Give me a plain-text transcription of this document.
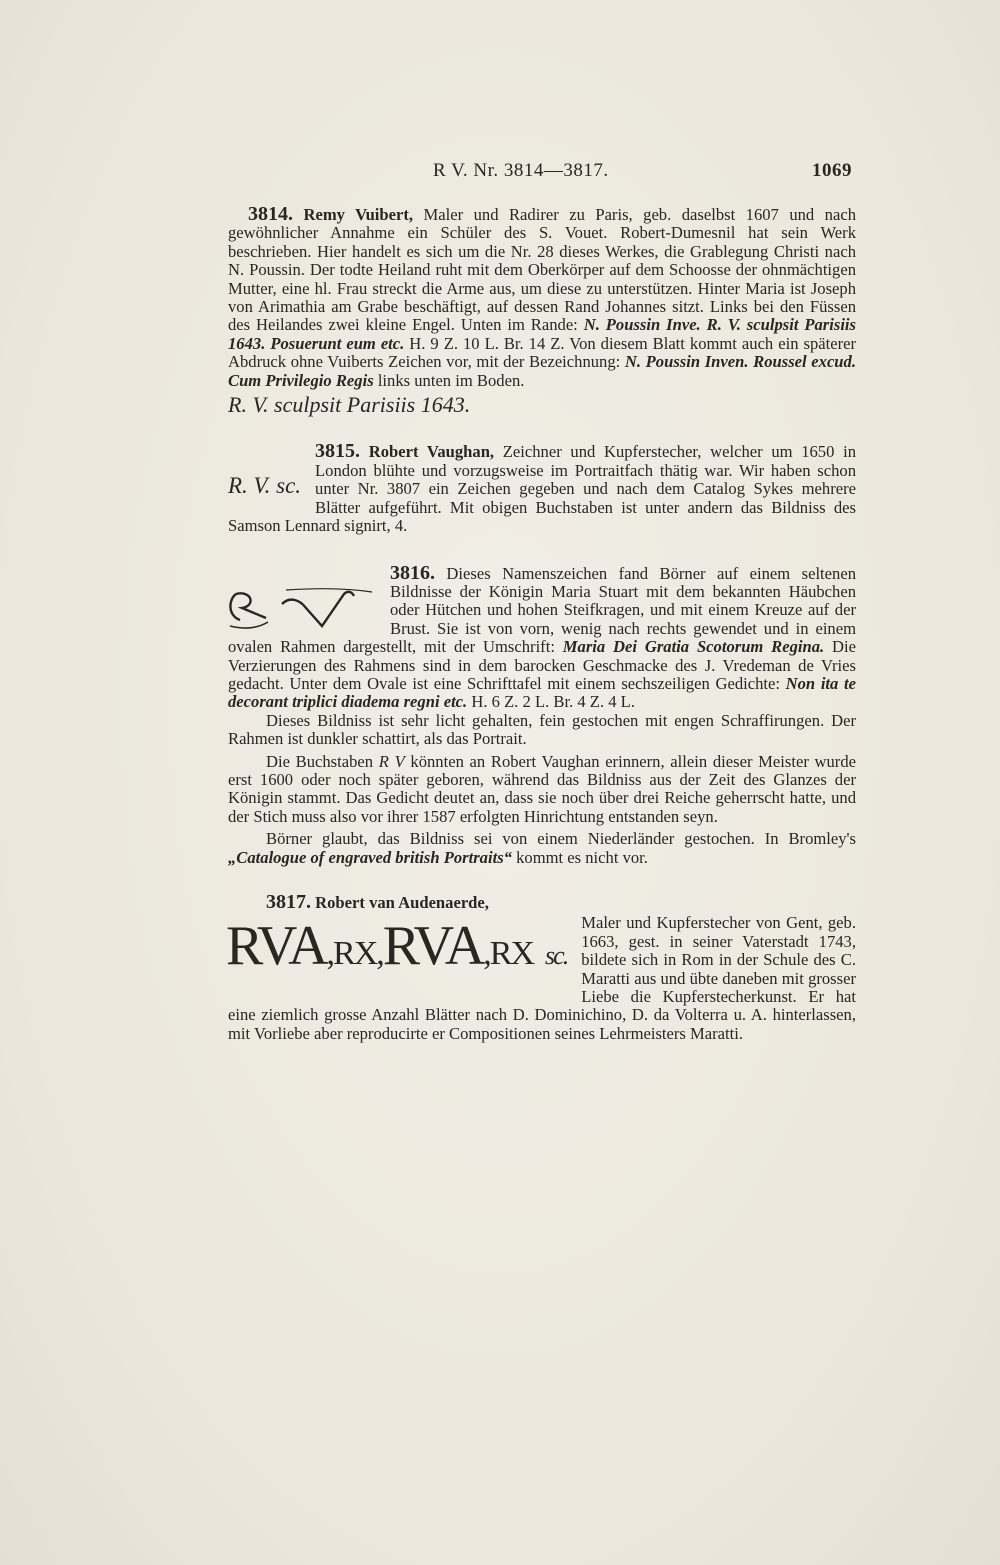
R V. Nr. 3814—3817.	1069

3814. Remy Vuibert, Maler und Radirer zu Paris, geb. daselbst 1607 und nach gewöhnlicher Annahme ein Schüler des S. Vouet. Robert-Dumesnil hat sein Werk beschrieben. Hier handelt es sich um die Nr. 28 dieses Werkes, die Grablegung Christi nach N. Poussin. Der todte Heiland ruht mit dem Oberkörper auf dem Schoosse der ohnmächtigen Mutter, eine hl. Frau streckt die Arme aus, um diese zu unterstützen. Hinter Maria ist Joseph von Arimathia am Grabe beschäftigt, auf dessen Rand Johannes sitzt. Links bei den Füssen des Heilandes zwei kleine Engel. Unten im Rande: N. Poussin Inve. R. V. sculpsit Parisiis 1643. Posuerunt eum etc. H. 9 Z. 10 L. Br. 14 Z. Von diesem Blatt kommt auch ein späterer Abdruck ohne Vuiberts Zeichen vor, mit der Bezeichnung: N. Poussin Inven. Roussel excud. Cum Privilegio Regis links unten im Boden.

R. V. sculpsit Parisiis 1643.

R. V. sc.

3815. Robert Vaughan, Zeichner und Kupferstecher, welcher um 1650 in London blühte und vorzugsweise im Portraitfach thätig war. Wir haben schon unter Nr. 3807 ein Zeichen gegeben und nach dem Catalog Sykes mehrere Blätter aufgeführt. Mit obigen Buchstaben ist unter andern das Bildniss des Samson Lennard signirt, 4.

3816. Dieses Namenszeichen fand Börner auf einem seltenen Bildnisse der Königin Maria Stuart mit dem bekannten Häubchen oder Hütchen und hohen Steifkragen, und mit einem Kreuze auf der Brust. Sie ist von vorn, wenig nach rechts gewendet und in einem ovalen Rahmen dargestellt, mit der Umschrift: Maria Dei Gratia Scotorum Regina. Die Verzierungen des Rahmens sind in dem barocken Geschmacke des J. Vredeman de Vries gedacht. Unter dem Ovale ist eine Schrifttafel mit einem sechszeiligen Gedichte: Non ita te decorant triplici diadema regni etc. H. 6 Z. 2 L. Br. 4 Z. 4 L.

Dieses Bildniss ist sehr licht gehalten, fein gestochen mit engen Schraffirungen. Der Rahmen ist dunkler schattirt, als das Portrait.

Die Buchstaben R V könnten an Robert Vaughan erinnern, allein dieser Meister wurde erst 1600 oder noch später geboren, während das Bildniss aus der Zeit des Glanzes der Königin stammt. Das Gedicht deutet an, dass sie noch über drei Reiche geherrscht hatte, und der Stich muss also vor ihrer 1587 erfolgten Hinrichtung entstanden seyn.

Börner glaubt, das Bildniss sei von einem Niederländer gestochen. In Bromley's „Catalogue of engraved british Portraits“ kommt es nicht vor.

3817. Robert van Audenaerde,

RVA,RX,RVA,RX sc.

Maler und Kupferstecher von Gent, geb. 1663, gest. in seiner Vaterstadt 1743, bildete sich in Rom in der Schule des C. Maratti aus und übte daneben mit grosser Liebe die Kupferstecherkunst. Er hat eine ziemlich grosse Anzahl Blätter nach D. Dominichino, D. da Volterra u. A. hinterlassen, mit Vorliebe aber reproducirte er Compositionen seines Lehrmeisters Maratti.
